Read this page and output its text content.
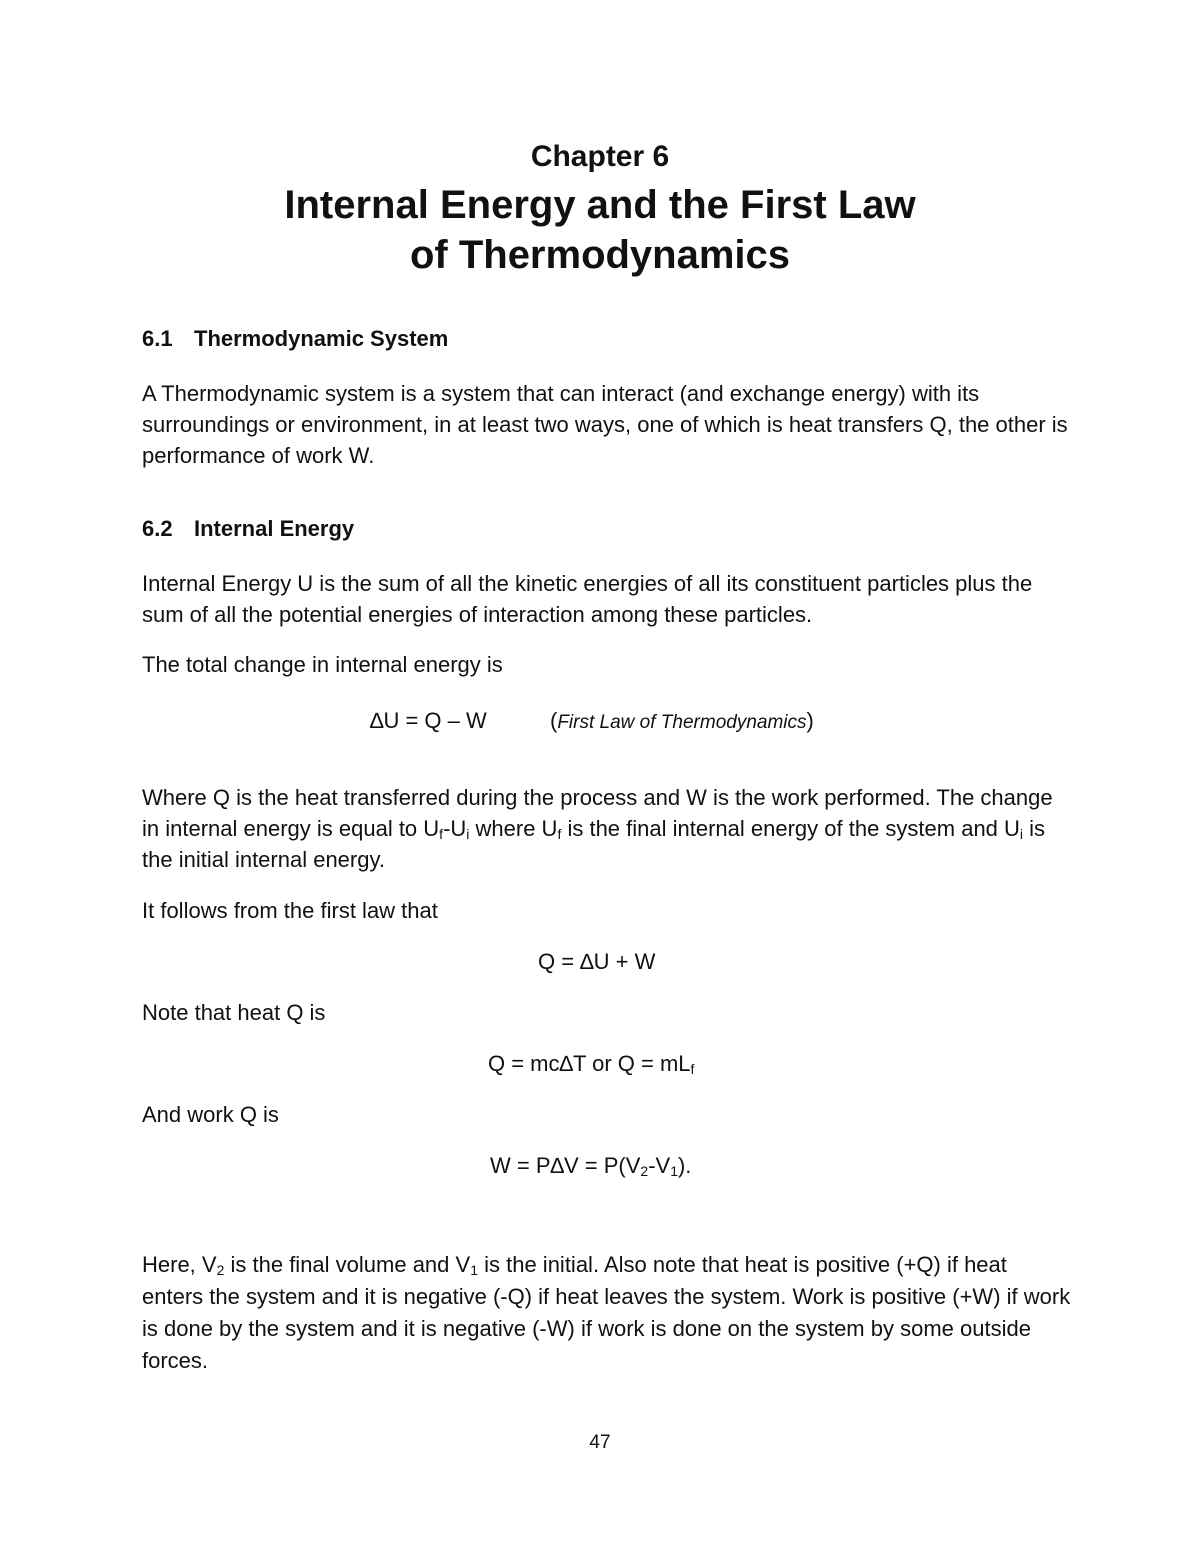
Chapter 6
Internal Energy and the First Law
of Thermodynamics
6.1 Thermodynamic System

A Thermodynamic system is a system that can interact (and exchange energy) with its surroundings or environment, in at least two ways, one of which is heat transfers Q, the other is performance of work W.

6.2 Internal Energy

Internal Energy U is the sum of all the kinetic energies of all its constituent particles plus the sum of all the potential energies of interaction among these particles.

The total change in internal energy is

∆U = Q – W	(First Law of Thermodynamics)

Where Q is the heat transferred during the process and W is the work performed. The change in internal energy is equal to $U_f-U_i$ where $U_f$ is the final internal energy of the system and $U_i$ is the initial internal energy.

It follows from the first law that

Q = ∆U + W

Note that heat Q is

Q = mc∆T or $Q = mL_f$

And work Q is

$W = P\Delta V = P(V_2-V_1)$.

Here, $V_2$ is the final volume and $V_1$ is the initial. Also note that heat is positive (+Q) if heat enters the system and it is negative (-Q) if heat leaves the system. Work is positive (+W) if work is done by the system and it is negative (-W) if work is done on the system by some outside forces.

47
